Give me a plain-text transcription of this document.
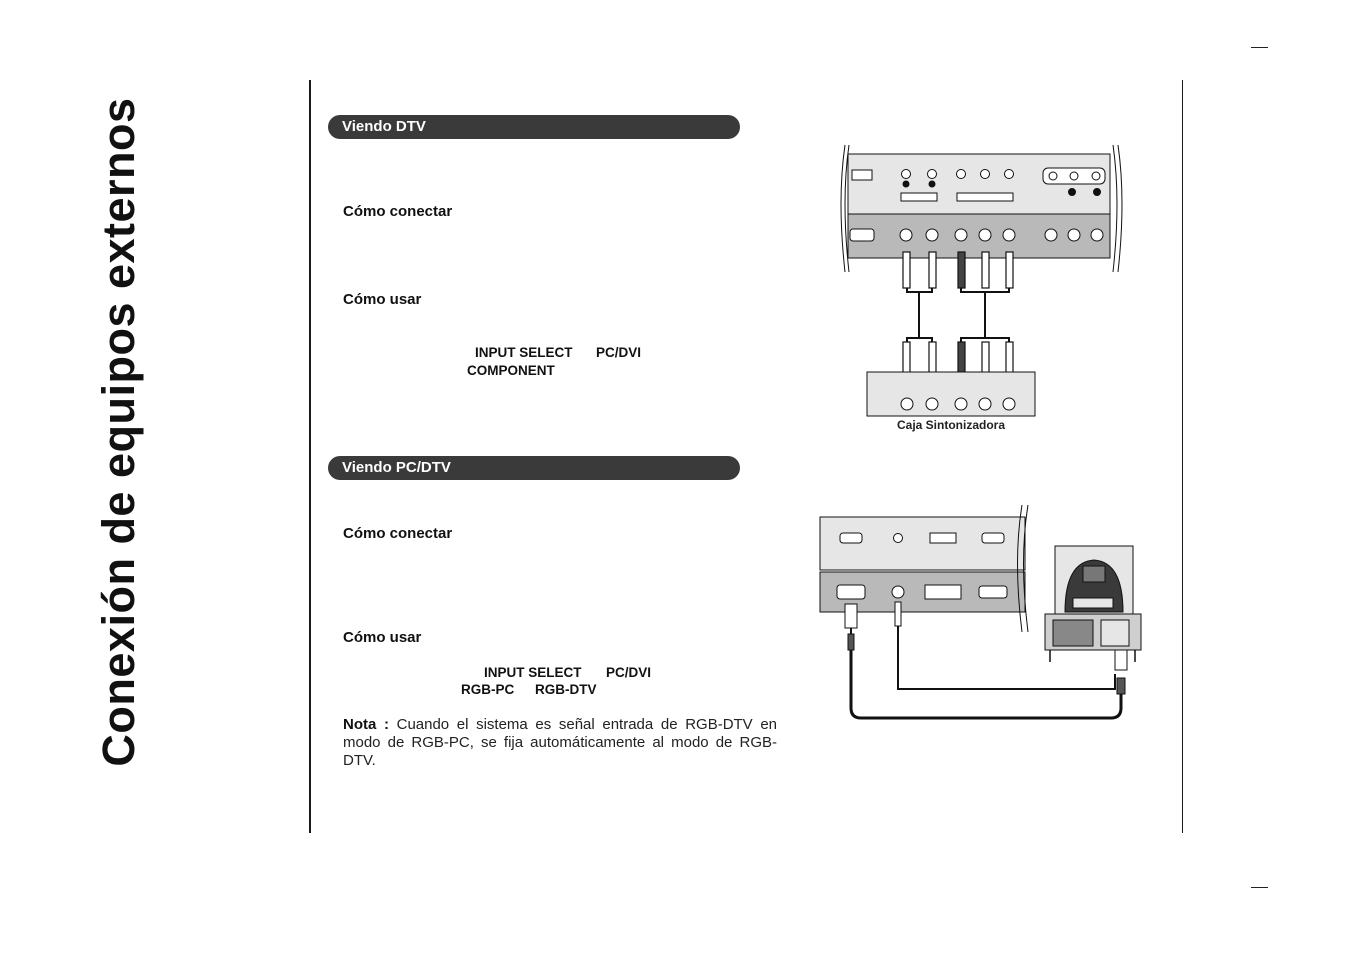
Conexión de equipos externos	Viendo DTV
Cómo conectar
Cómo usar
INPUT SELECT PC/DVI
COMPONENT
Viendo PC/DTV
Cómo conectar
Cómo usar
INPUT SELECT PC/DVI
RGB-PC RGB-DTV
Nota : Cuando el sistema es señal entrada de RGB-DTV en modo de RGB-PC, se fija automáticamente al modo de RGB-DTV.
Caja Sintonizadora
